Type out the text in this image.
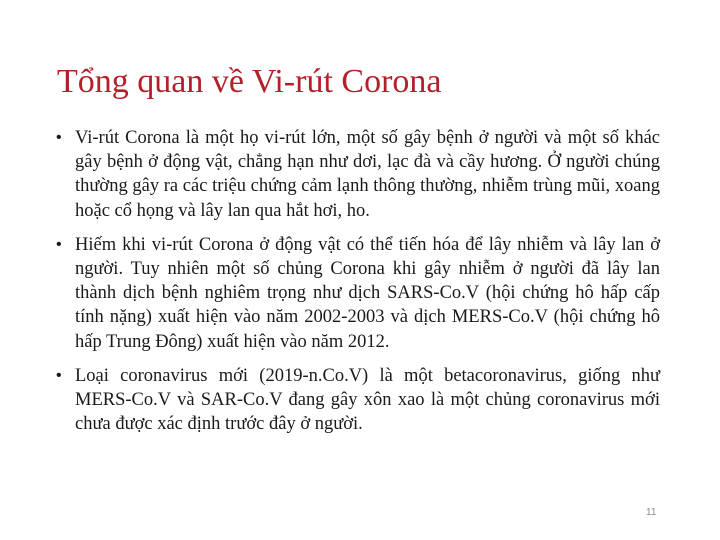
Tổng quan về Vi-rút Corona
• Vi-rút Corona là một họ vi-rút lớn, một số gây bệnh ở người và một số khác gây bệnh ở động vật, chẳng hạn như dơi, lạc đà và cầy hương. Ở người chúng thường gây ra các triệu chứng cảm lạnh thông thường, nhiễm trùng mũi, xoang hoặc cổ họng và lây lan qua hắt hơi, ho.
• Hiếm khi vi-rút Corona ở động vật có thể tiến hóa để lây nhiễm và lây lan ở người. Tuy nhiên một số chủng Corona khi gây nhiễm ở người đã lây lan thành dịch bệnh nghiêm trọng như dịch SARS-Co.V (hội chứng hô hấp cấp tính nặng) xuất hiện vào năm 2002-2003 và dịch MERS-Co.V (hội chứng hô hấp Trung Đông) xuất hiện vào năm 2012.
• Loại coronavirus mới (2019-n.Co.V) là một betacoronavirus, giống như MERS-Co.V và SAR-Co.V đang gây xôn xao là một chủng coronavirus mới chưa được xác định trước đây ở người.
11
